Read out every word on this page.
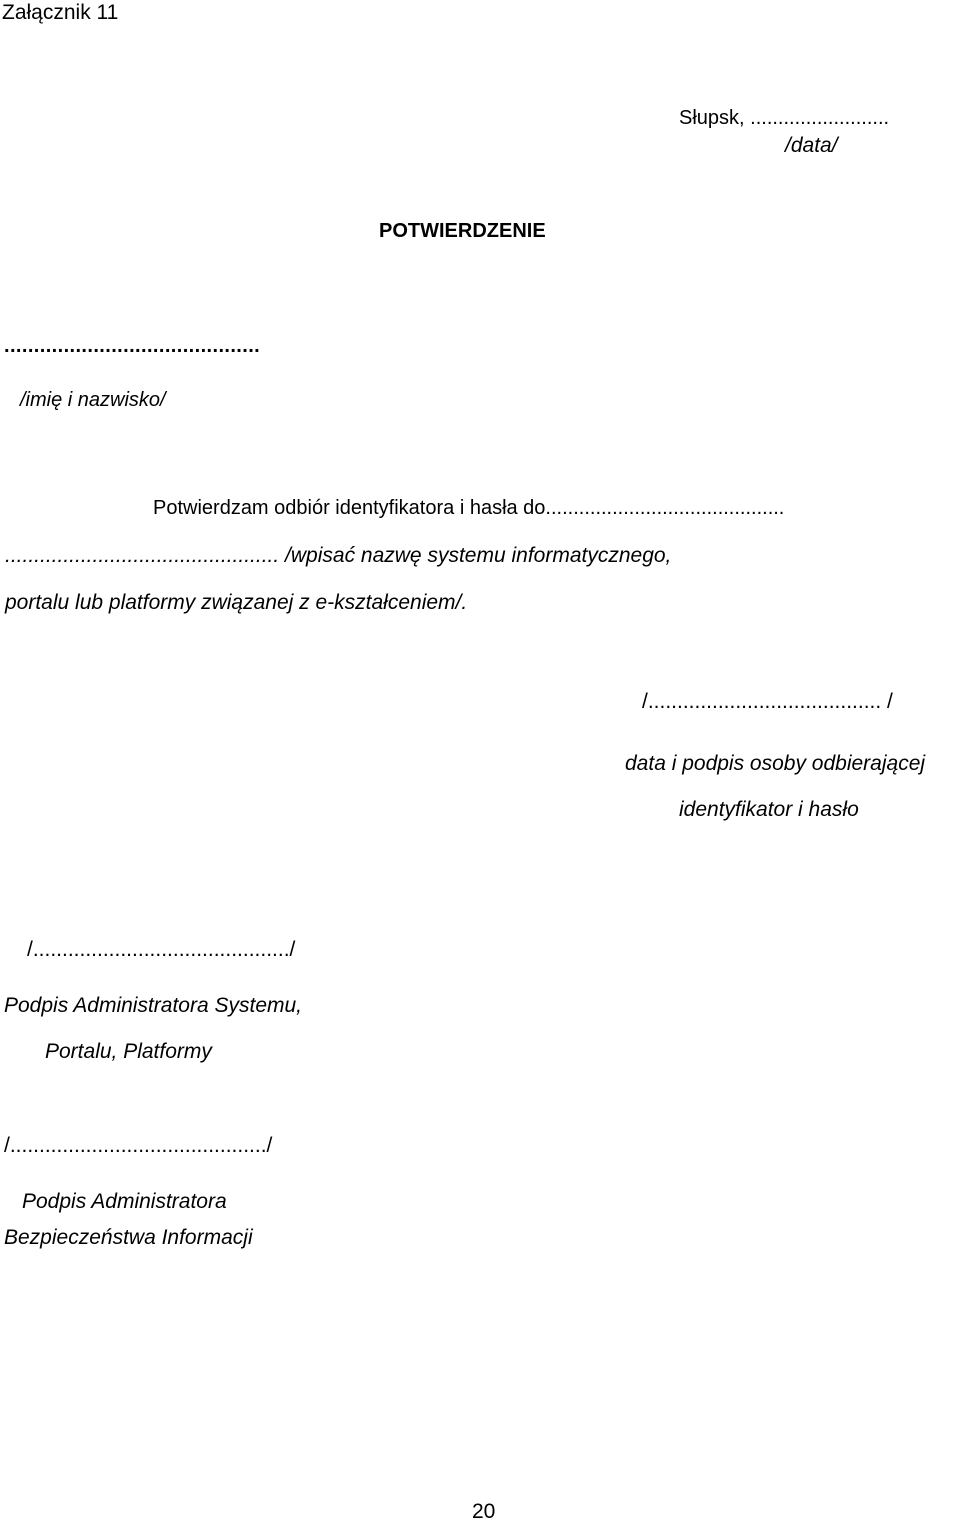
Załącznik 11

Słupsk, .........................

/data/

POTWIERDZENIE

...........................................

/imię i nazwisko/

Potwierdzam odbiór identyfikatora i hasła do...........................................

............................................... /wpisać nazwę systemu informatycznego,

portalu lub platformy związanej z e-kształceniem/.

/........................................ /

data i podpis osoby odbierającej

identyfikator i hasło

/............................................/

Podpis Administratora Systemu,

Portalu, Platformy

/............................................/

Podpis Administratora

Bezpieczeństwa Informacji

20
